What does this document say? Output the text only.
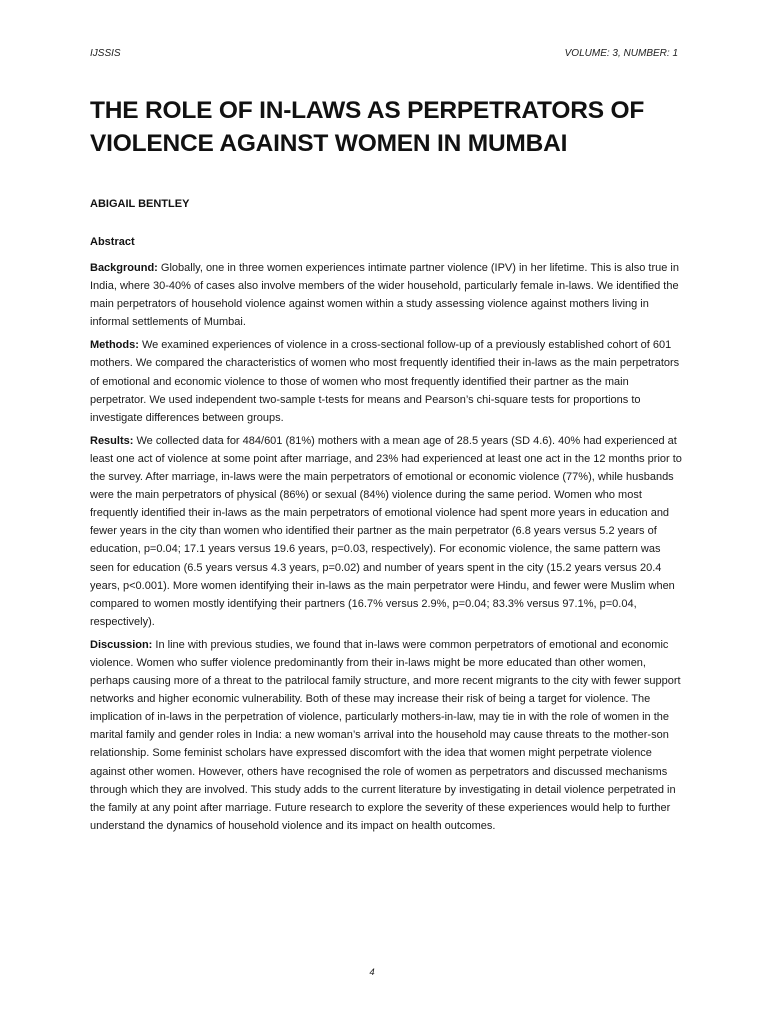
IJSSIS	VOLUME: 3, NUMBER: 1
THE ROLE OF IN-LAWS AS PERPETRATORS OF VIOLENCE AGAINST WOMEN IN MUMBAI

ABIGAIL BENTLEY

Abstract

Background: Globally, one in three women experiences intimate partner violence (IPV) in her lifetime. This is also true in India, where 30-40% of cases also involve members of the wider household, particularly female in-laws. We identified the main perpetrators of household violence against women within a study assessing violence against mothers living in informal settlements of Mumbai.

Methods: We examined experiences of violence in a cross-sectional follow-up of a previously established cohort of 601 mothers. We compared the characteristics of women who most frequently identified their in-laws as the main perpetrators of emotional and economic violence to those of women who most frequently identified their partner as the main perpetrator. We used independent two-sample t-tests for means and Pearson’s chi-square tests for proportions to investigate differences between groups.

Results: We collected data for 484/601 (81%) mothers with a mean age of 28.5 years (SD 4.6). 40% had experienced at least one act of violence at some point after marriage, and 23% had experienced at least one act in the 12 months prior to the survey. After marriage, in-laws were the main perpetrators of emotional or economic violence (77%), while husbands were the main perpetrators of physical (86%) or sexual (84%) violence during the same period. Women who most frequently identified their in-laws as the main perpetrators of emotional violence had spent more years in education and fewer years in the city than women who identified their partner as the main perpetrator (6.8 years versus 5.2 years of education, p=0.04; 17.1 years versus 19.6 years, p=0.03, respectively). For economic violence, the same pattern was seen for education (6.5 years versus 4.3 years, p=0.02) and number of years spent in the city (15.2 years versus 20.4 years, p<0.001). More women identifying their in-laws as the main perpetrator were Hindu, and fewer were Muslim when compared to women mostly identifying their partners (16.7% versus 2.9%, p=0.04; 83.3% versus 97.1%, p=0.04, respectively).

Discussion: In line with previous studies, we found that in-laws were common perpetrators of emotional and economic violence. Women who suffer violence predominantly from their in-laws might be more educated than other women, perhaps causing more of a threat to the patrilocal family structure, and more recent migrants to the city with fewer support networks and higher economic vulnerability. Both of these may increase their risk of being a target for violence. The implication of in-laws in the perpetration of violence, particularly mothers-in-law, may tie in with the role of women in the marital family and gender roles in India: a new woman’s arrival into the household may cause threats to the mother-son relationship. Some feminist scholars have expressed discomfort with the idea that women might perpetrate violence against other women. However, others have recognised the role of women as perpetrators and discussed mechanisms through which they are involved. This study adds to the current literature by investigating in detail violence perpetrated in the family at any point after marriage. Future research to explore the severity of these experiences would help to further understand the dynamics of household violence and its impact on health outcomes.

4
